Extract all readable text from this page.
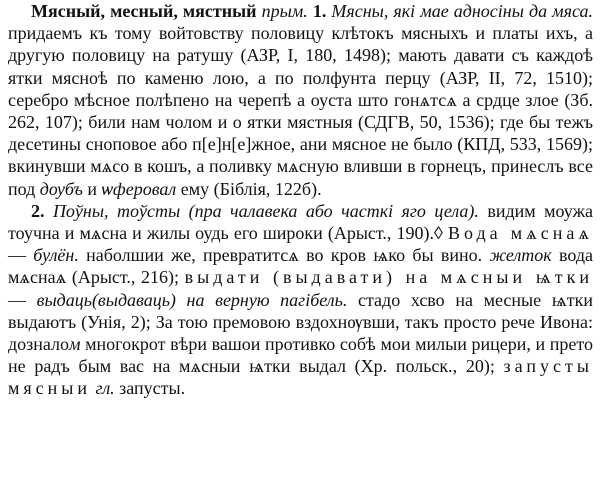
Мясный, месный, мястный прым. 1. Мясны, які мае адносіны да мяса. придаемъ къ тому войтовству половицу клѣтокъ мясныхъ и платы ихъ, а другую половицу на ратушу (АЗР, I, 180, 1498); мають давати съ каждоѣ ятки мясноѣ по каменю лою, а по полфунта перцу (АЗР, II, 72, 1510); серебро мѣсное полѣпено на черепѣ а оуста што гонѧтсѧ а срдце злое (Зб. 262, 107); били нам чолом и о ятки мястныя (СДГВ, 50, 1536); где бы тежъ десетины сноповое або п[е]н[е]жное, ани мясное не было (КПД, 533, 1569); вкинувши мѧсо в кошъ, а поливку мѧсную вливши в горнецъ, принеслъ все под дѹбъ и ѡферовал ему (Біблія, 122б).

2. Поўны, тоўсты (пра чалавека або часткі яго цела). видим моужа тоучна и мѧсна и жилы оудь его широки (Арыст., 190).◊ Вода мѧснаѧ — булён. наболшии же, превратитсѧ во кров ѩко бы вино. желток вода мѧснаѧ (Арыст., 216); выдати (выдавати) на мѧсныи ѩтки — выдаць(выдаваць) на верную пагібель. стадо хсво на месные ѩтки выдаютъ (Унія, 2); За тою премовою вздохнѹвши, такъ просто рече Ивона: дозналом многокрот вѣри вашои противко собѣ мои милыи рицери, и прето не радъ бым вас на мѧсныи ѩтки выдал (Хр. польск., 20); запусты мясныи гл. запусты.
